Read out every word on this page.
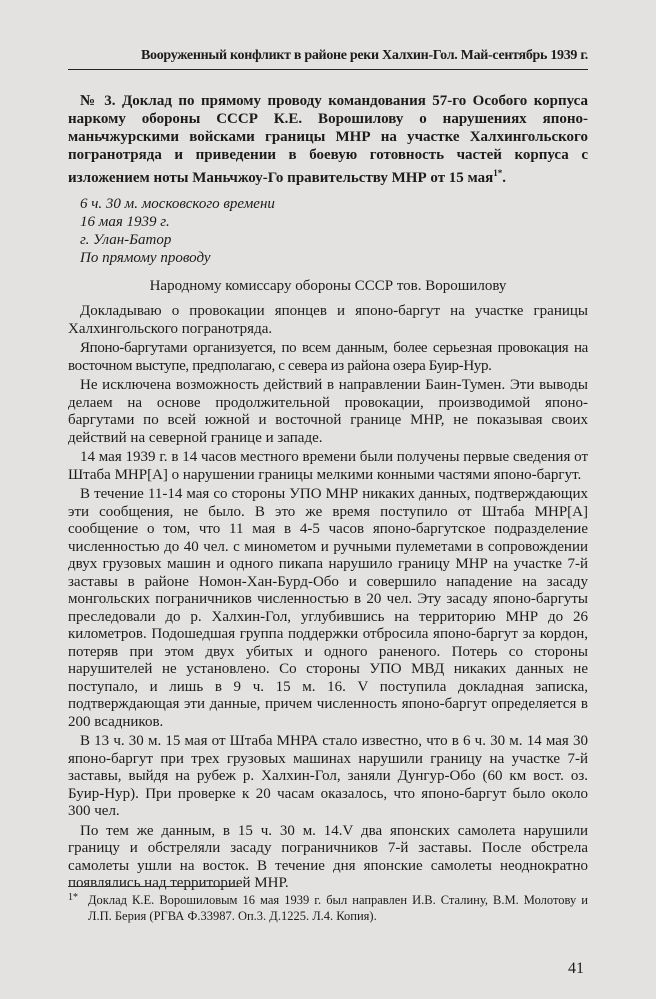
Вооруженный конфликт в районе реки Халхин-Гол. Май-сентябрь 1939 г.
№ 3. Доклад по прямому проводу командования 57-го Особого корпуса наркому обороны СССР К.Е. Ворошилову о нарушениях японо-маньчжурскими войсками границы МНР на участке Халхингольского погранотряда и приведении в боевую готовность частей корпуса с изложением ноты Маньчжоу-Го правительству МНР от 15 мая$^{1*}$.
6 ч. 30 м. московского времени
16 мая 1939 г.
г. Улан-Батор
По прямому проводу
Народному комиссару обороны СССР тов. Ворошилову

Докладываю о провокации японцев и японо-баргут на участке границы Халхингольского погранотряда.

Японо-баргутами организуется, по всем данным, более серьезная провокация на восточном выступе, предполагаю, с севера из района озера Буир-Нур.

Не исключена возможность действий в направлении Баин-Тумен. Эти выводы делаем на основе продолжительной провокации, производимой японо-баргутами по всей южной и восточной границе МНР, не показывая своих действий на северной границе и западе.

14 мая 1939 г. в 14 часов местного времени были получены первые сведения от Штаба МНР[А] о нарушении границы мелкими конными частями японо-баргут.

В течение 11-14 мая со стороны УПО МНР никаких данных, подтверждающих эти сообщения, не было. В это же время поступило от Штаба МНР[А] сообщение о том, что 11 мая в 4-5 часов японо-баргутское подразделение численностью до 40 чел. с минометом и ручными пулеметами в сопровождении двух грузовых машин и одного пикапа нарушило границу МНР на участке 7-й заставы в районе Номон-Хан-Бурд-Обо и совершило нападение на засаду монгольских пограничников численностью в 20 чел. Эту засаду японо-баргуты преследовали до р. Халхин-Гол, углубившись на территорию МНР до 26 километров. Подошедшая группа поддержки отбросила японо-баргут за кордон, потеряв при этом двух убитых и одного раненого. Потерь со стороны нарушителей не установлено. Со стороны УПО МВД никаких данных не поступало, и лишь в 9 ч. 15 м. 16. V поступила докладная записка, подтверждающая эти данные, причем численность японо-баргут определяется в 200 всадников.

В 13 ч. 30 м. 15 мая от Штаба МНРА стало известно, что в 6 ч. 30 м. 14 мая 30 японо-баргут при трех грузовых машинах нарушили границу на участке 7-й заставы, выйдя на рубеж р. Халхин-Гол, заняли Дунгур-Обо (60 км вост. оз. Буир-Нур). При проверке к 20 часам оказалось, что японо-баргут было около 300 чел.

По тем же данным, в 15 ч. 30 м. 14.V два японских самолета нарушили границу и обстреляли засаду пограничников 7-й заставы. После обстрела самолеты ушли на восток. В течение дня японские самолеты неоднократно появлялись над территорией МНР.

1* Доклад К.Е. Ворошиловым 16 мая 1939 г. был направлен И.В. Сталину, В.М. Молотову и Л.П. Берия (РГВА Ф.33987. Оп.3. Д.1225. Л.4. Копия).
41
